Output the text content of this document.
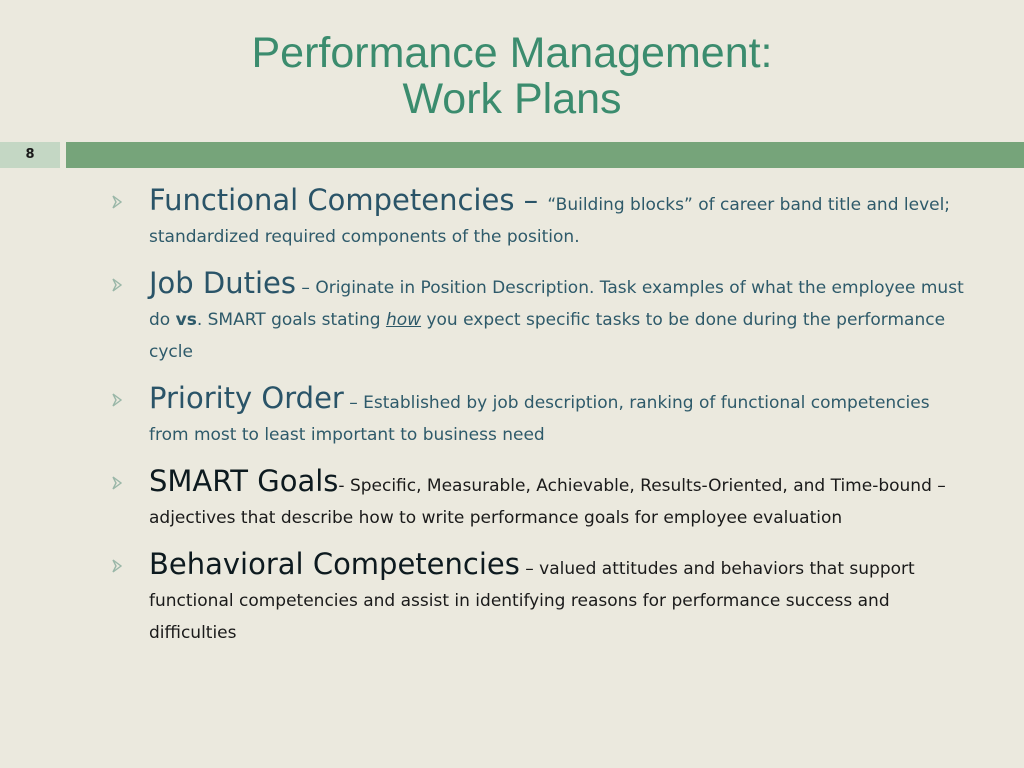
Performance Management:
Work Plans
8
Functional Competencies – “Building blocks” of career band title and level; standardized required components of the position.
Job Duties – Originate in Position Description. Task examples of what the employee must do vs. SMART goals stating how you expect specific tasks to be done during the performance cycle
Priority Order – Established by job description, ranking of functional competencies from most to least important to business need
SMART Goals- Specific, Measurable, Achievable, Results-Oriented, and Time-bound – adjectives that describe how to write performance goals for employee evaluation
Behavioral Competencies – valued attitudes and behaviors that support functional competencies and assist in identifying reasons for performance success and difficulties
